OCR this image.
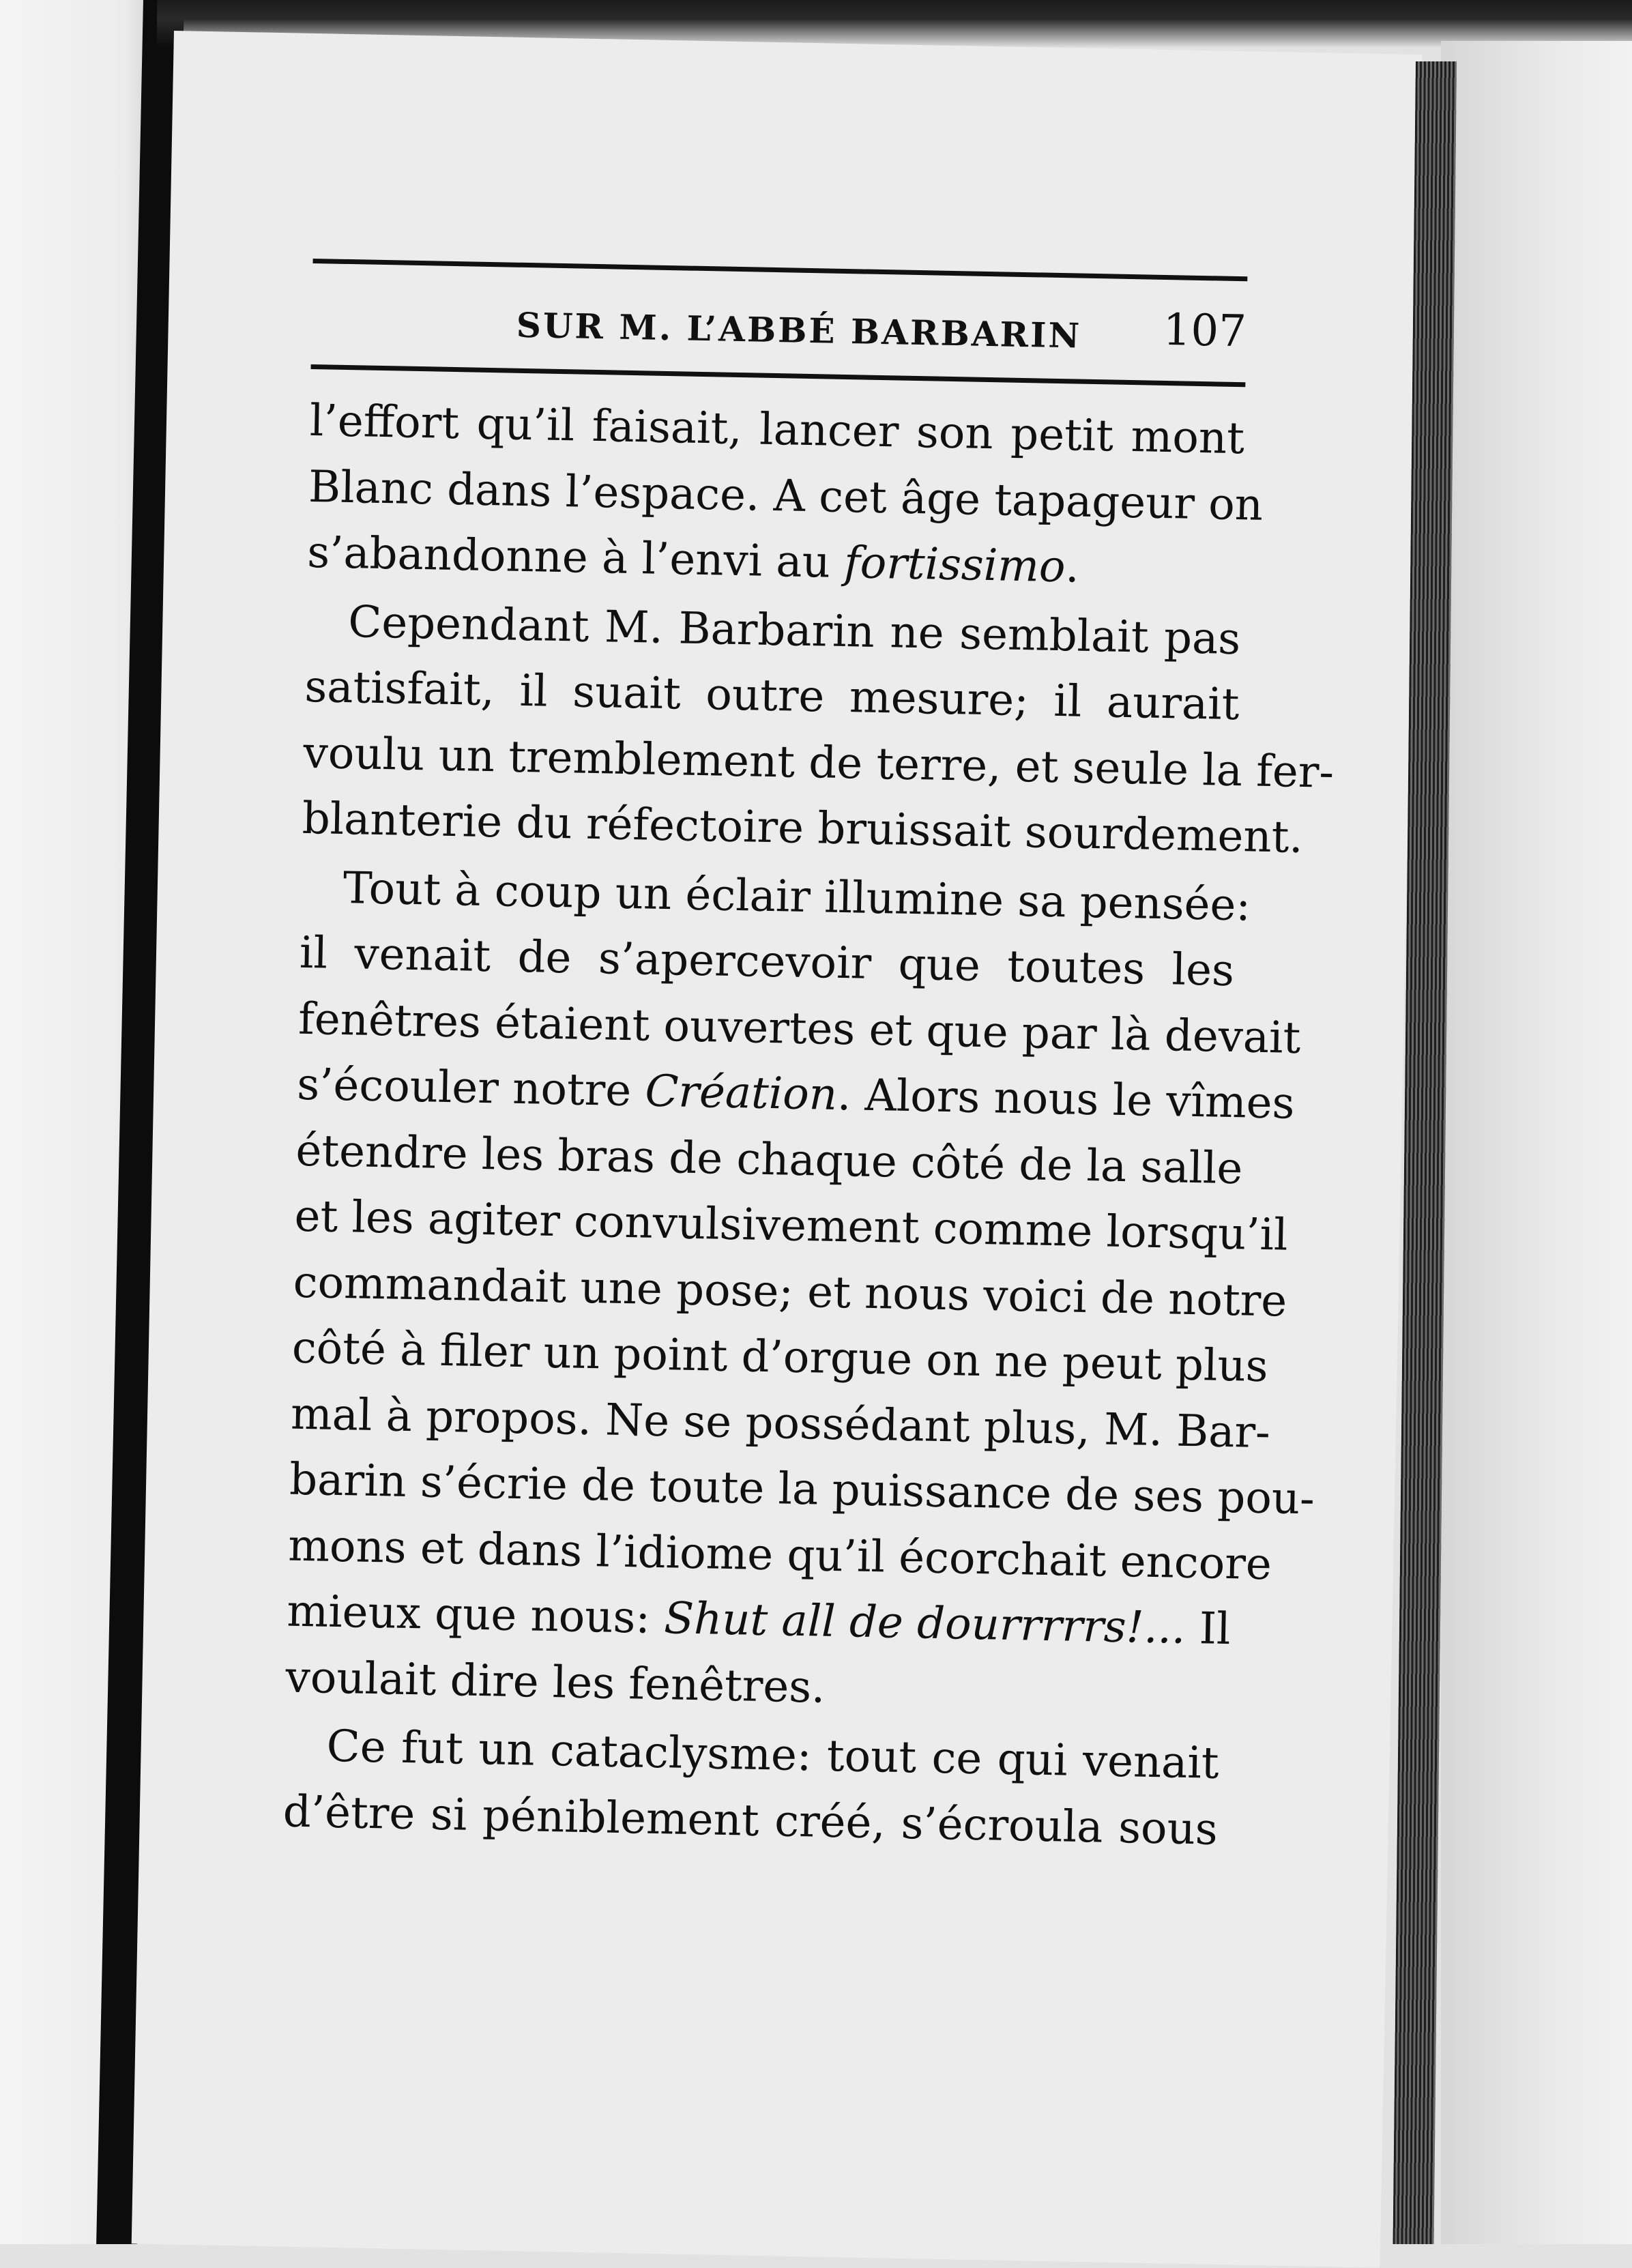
SUR M. L’ABBÉ BARBARIN 107
l’effort qu’il faisait, lancer son petit mont
Blanc dans l’espace. A cet âge tapageur on
s’abandonne à l’envi au fortissimo.
Cependant M. Barbarin ne semblait pas
satisfait, il suait outre mesure; il aurait
voulu un tremblement de terre, et seule la fer-
blanterie du réfectoire bruissait sourdement.
Tout à coup un éclair illumine sa pensée:
il venait de s’apercevoir que toutes les
fenêtres étaient ouvertes et que par là devait
s’écouler notre Création. Alors nous le vîmes
étendre les bras de chaque côté de la salle
et les agiter convulsivement comme lorsqu’il
commandait une pose; et nous voici de notre
côté à filer un point d’orgue on ne peut plus
mal à propos. Ne se possédant plus, M. Bar-
barin s’écrie de toute la puissance de ses pou-
mons et dans l’idiome qu’il écorchait encore
mieux que nous: Shut all de dourrrrrs!... Il
voulait dire les fenêtres.
Ce fut un cataclysme: tout ce qui venait
d’être si péniblement créé, s’écroula sous
